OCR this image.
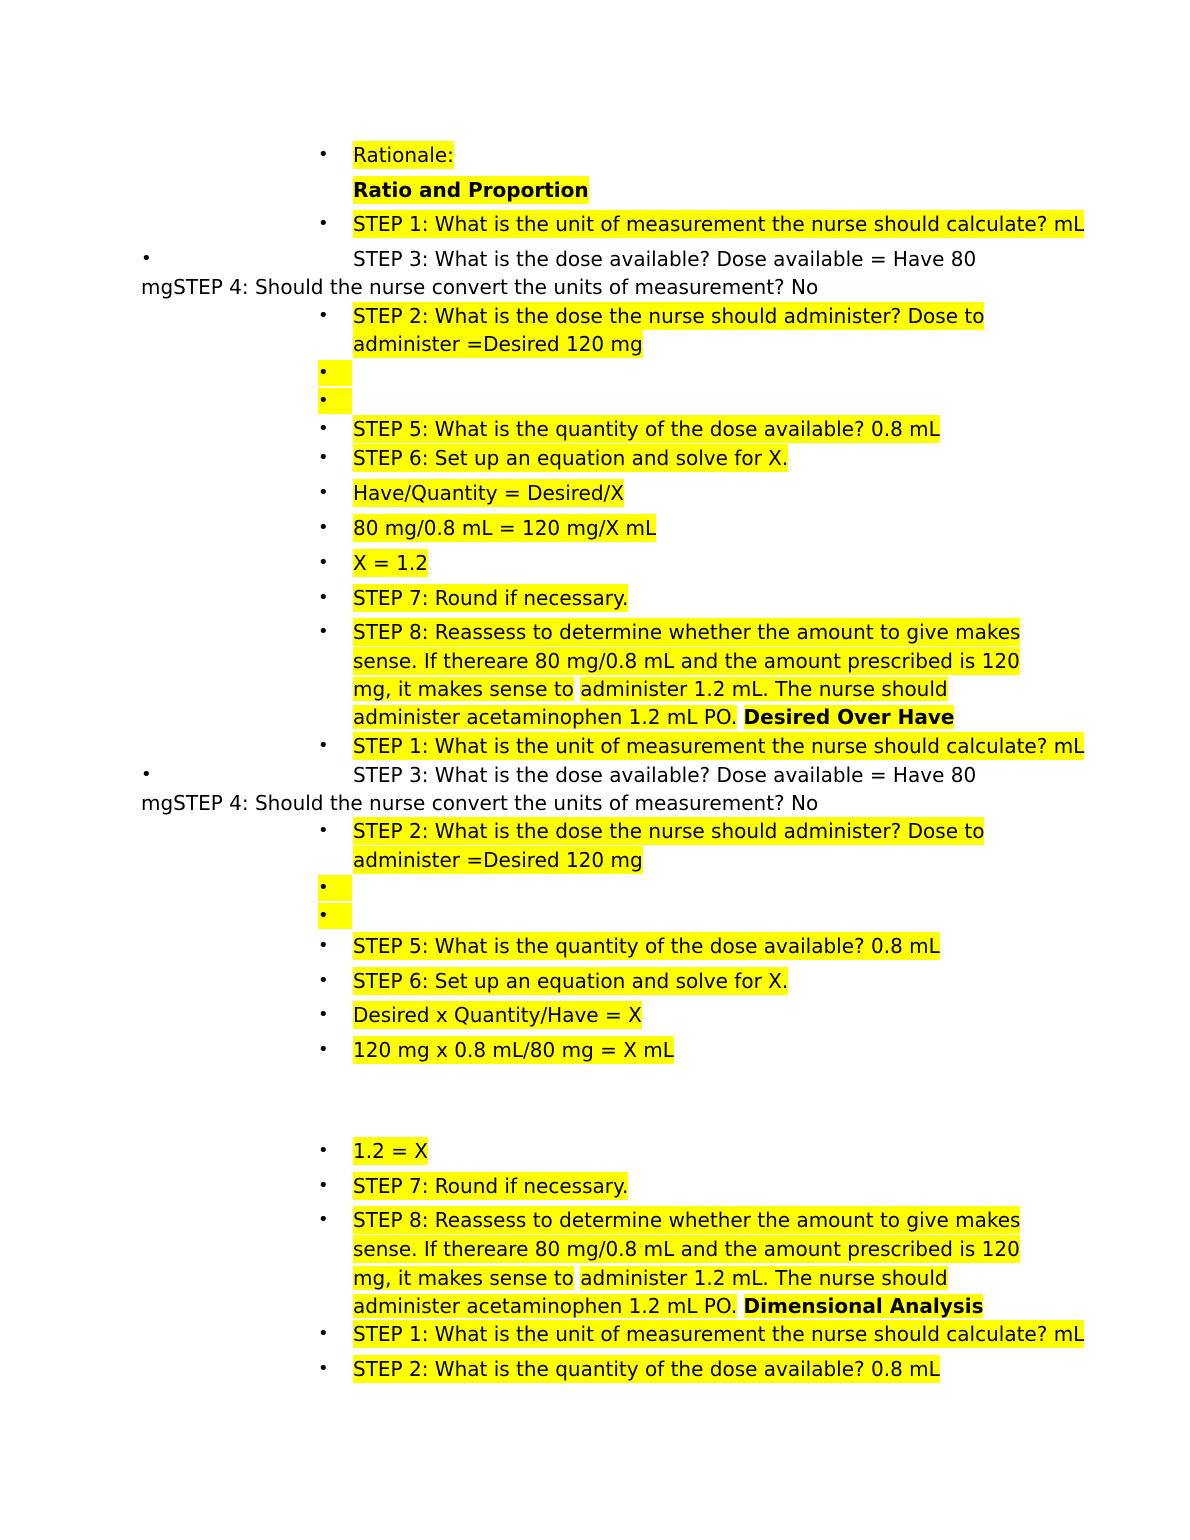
•	Rationale:
Ratio and Proportion
•	STEP 1: What is the unit of measurement the nurse should calculate? mL
•	STEP 3: What is the dose available? Dose available = Have 80
mgSTEP 4: Should the nurse convert the units of measurement? No
•	STEP 2: What is the dose the nurse should administer? Dose to
administer =Desired 120 mg
•
•
•	STEP 5: What is the quantity of the dose available? 0.8 mL
•	STEP 6: Set up an equation and solve for X.
•	Have/Quantity = Desired/X
•	80 mg/0.8 mL = 120 mg/X mL
•	X = 1.2
•	STEP 7: Round if necessary.
•	STEP 8: Reassess to determine whether the amount to give makes
sense. If thereare 80 mg/0.8 mL and the amount prescribed is 120
mg, it makes sense to administer 1.2 mL. The nurse should
administer acetaminophen 1.2 mL PO. Desired Over Have
•	STEP 1: What is the unit of measurement the nurse should calculate? mL
•	STEP 3: What is the dose available? Dose available = Have 80
mgSTEP 4: Should the nurse convert the units of measurement? No
•	STEP 2: What is the dose the nurse should administer? Dose to
administer =Desired 120 mg
•
•
•	STEP 5: What is the quantity of the dose available? 0.8 mL
•	STEP 6: Set up an equation and solve for X.
•	Desired x Quantity/Have = X
•	120 mg x 0.8 mL/80 mg = X mL
•	1.2 = X
•	STEP 7: Round if necessary.
•	STEP 8: Reassess to determine whether the amount to give makes
sense. If thereare 80 mg/0.8 mL and the amount prescribed is 120
mg, it makes sense to administer 1.2 mL. The nurse should
administer acetaminophen 1.2 mL PO. Dimensional Analysis
•	STEP 1: What is the unit of measurement the nurse should calculate? mL
•	STEP 2: What is the quantity of the dose available? 0.8 mL
